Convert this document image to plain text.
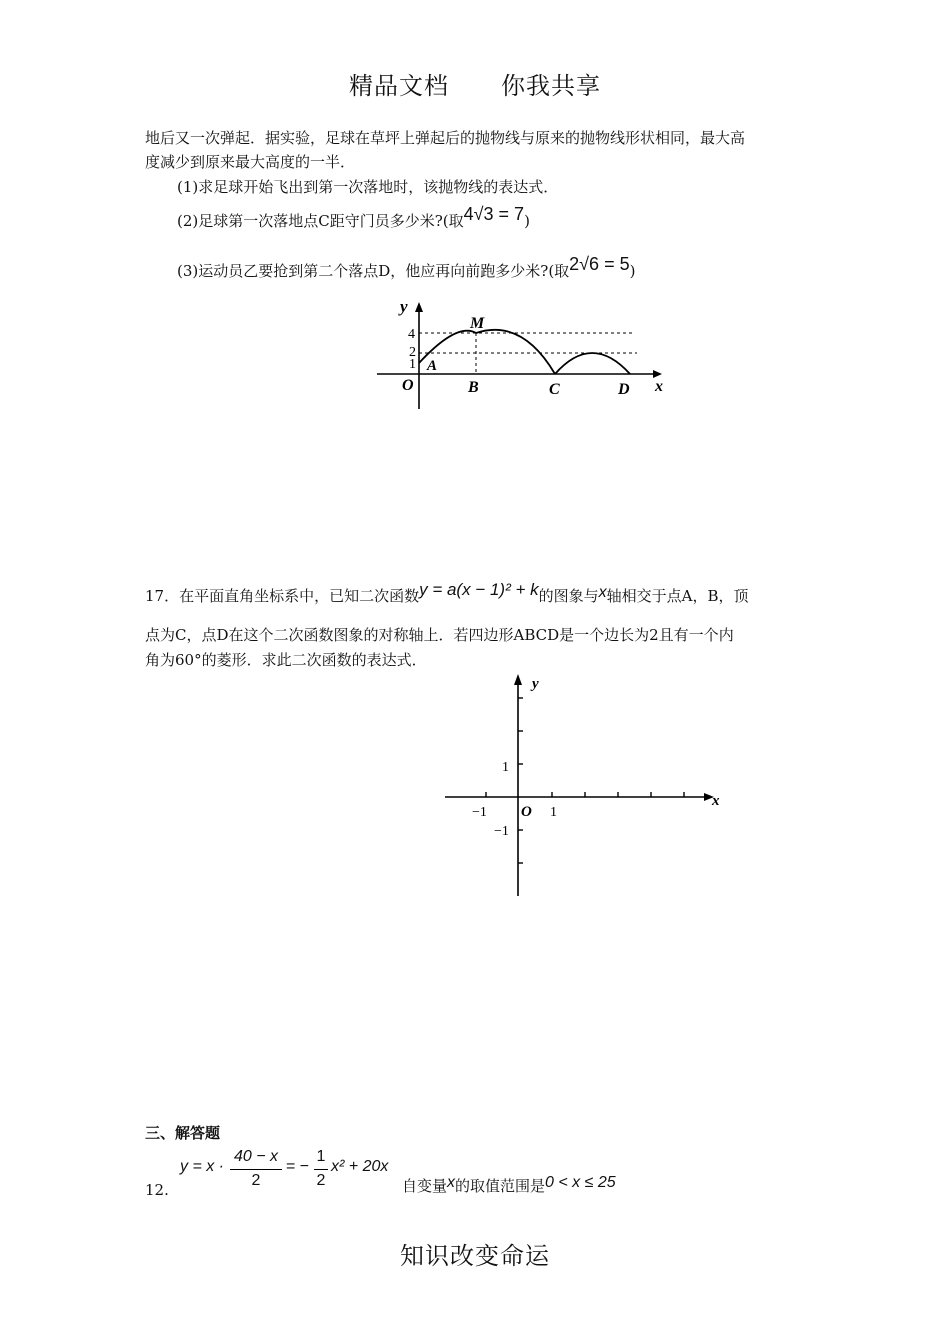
精品文档 你我共享
地后又一次弹起．据实验，足球在草坪上弹起后的抛物线与原来的抛物线形状相同，最大高
度减少到原来最大高度的一半．
(1)求足球开始飞出到第一次落地时，该抛物线的表达式．
(2)足球第一次落地点C距守门员多少米?(取4√3 = 7)
(3)运动员乙要抢到第二个落点D，他应再向前跑多少米?(取2√6 = 5)
y
x
O
4
2
1
M
A
B	C	D
17．在平面直角坐标系中，已知二次函数y = a(x − 1)² + k的图象与x轴相交于点A，B，顶
点为C，点D在这个二次函数图象的对称轴上．若四边形ABCD是一个边长为2且有一个内
角为60°的菱形．求此二次函数的表达式．
y
x
O
1
−1
−1	1
三、解答题
12.
y = x ·
40 − x
2
= −
1
2
x² + 20x
自变量x的取值范围是0 < x ≤ 25
知识改变命运
